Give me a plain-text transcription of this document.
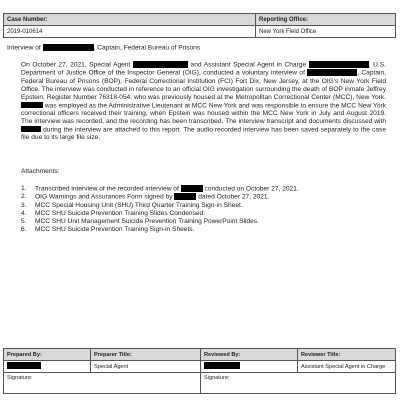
Case Number:	Reporting Office:
2019-010614	New York Field Office
Interview of	, Captain, Federal Bureau of Prisons
On October 27, 2021, Special Agent	and Assistant Special Agent in Charge	, U.S. Department of Justice Office of the Inspector General (OIG), conducted a voluntary interview of	, Captain, Federal Bureau of Prisons (BOP), Federal Correctional Institution (FCI) Fort Dix, New Jersey, at the OIG's New York Field Office. The interview was conducted in reference to an official OIG investigation surrounding the death of BOP inmate Jeffrey Epstein, Register Number 76318-054, who was previously housed at the Metropolitan Correctional Center (MCC), New York.  was employed as the Administrative Lieutenant at MCC New York and was responsible to ensure the MCC New York correctional officers received their training, when Epstein was housed within the MCC New York in July and August 2019. The interview was recorded, and the recording has been transcribed. The interview transcript and documents discussed with  during the interview are attached to this report. The audio recorded interview has been saved separately to the case file due to its large file size.
Attachments:
1. Transcribed interview of the recorded interview of	conducted on October 27, 2021.
2. OIG Warnings and Assurances Form signed by	dated October 27, 2021.
3. MCC Special Housing Unit (SHU) Third Quarter Training Sign-in Sheet.
4. MCC SHU Suicide Prevention Training Slides Condensed.
5. MCC SHU Unit Management Suicide Prevention Training PowerPoint Slides.
6. MCC SHU Suicide Prevention Training Sign-in Sheets.
Prepared By:	Preparer Title:	Reviewed By:	Reviewer Title:
	Special Agent		Assistant Special Agent in Charge
Signature:		Signature:	
